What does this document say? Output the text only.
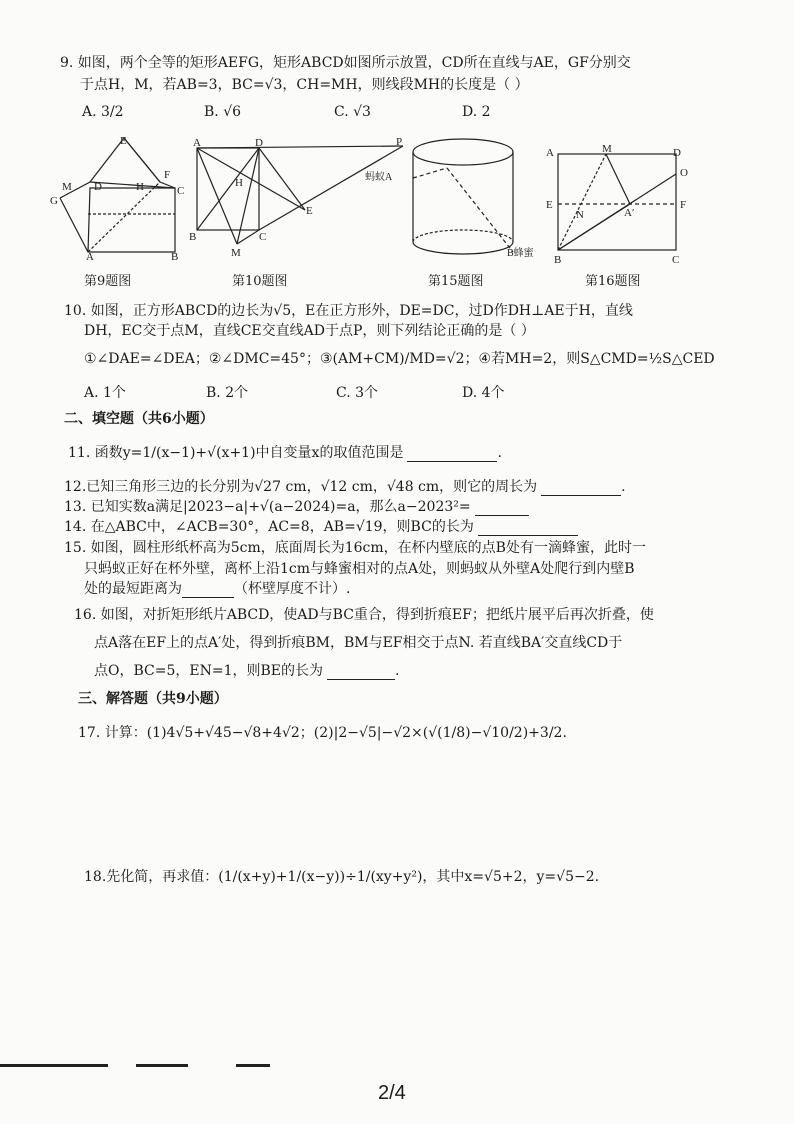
9. 如图，两个全等的矩形AEFG，矩形ABCD如图所示放置，CD所在直线与AE，GF分别交
于点H，M，若AB=3，BC=√3，CH=MH，则线段MH的长度是（ ）
A. 3/2	B. √6	C. √3	D. 2
E
M D	H	C
G
A	B
F
第9题图
A	D	P
H
E
M
C
B
第10题图
蚂蚁A
B蜂蜜
第15题图
A	M	D
O
E
N	A′
F
B	C
第16题图
10. 如图，正方形ABCD的边长为√5，E在正方形外，DE=DC，过D作DH⊥AE于H，直线
DH，EC交于点M，直线CE交直线AD于点P，则下列结论正确的是（ ）
①∠DAE=∠DEA；②∠DMC=45°；③(AM+CM)/MD=√2；④若MH=2，则S△CMD=½S△CED
A. 1个	B. 2个	C. 3个	D. 4个
二、填空题（共6小题）
11. 函数y=1/(x−1)+√(x+1)中自变量x的取值范围是	.
12.已知三角形三边的长分别为√27 cm，√12 cm，√48 cm，则它的周长为	.
13. 已知实数a满足|2023−a|+√(a−2024)=a，那么a−2023²=
14. 在△ABC中，∠ACB=30°，AC=8，AB=√19，则BC的长为
15. 如图，圆柱形纸杯高为5cm，底面周长为16cm，在杯内壁底的点B处有一滴蜂蜜，此时一
只蚂蚁正好在杯外壁，离杯上沿1cm与蜂蜜相对的点A处，则蚂蚁从外壁A处爬行到内壁B
处的最短距离为	（杯壁厚度不计）.
16. 如图，对折矩形纸片ABCD，使AD与BC重合，得到折痕EF；把纸片展平后再次折叠，使
点A落在EF上的点A′处，得到折痕BM，BM与EF相交于点N. 若直线BA′交直线CD于
点O，BC=5，EN=1，则BE的长为	.
三、解答题（共9小题）
17. 计算：(1)4√5+√45−√8+4√2；(2)|2−√5|−√2×(√(1/8)−√10/2)+3/2.
18.先化简，再求值：(1/(x+y)+1/(x−y))÷1/(xy+y²)，其中x=√5+2，y=√5−2.
2/4
